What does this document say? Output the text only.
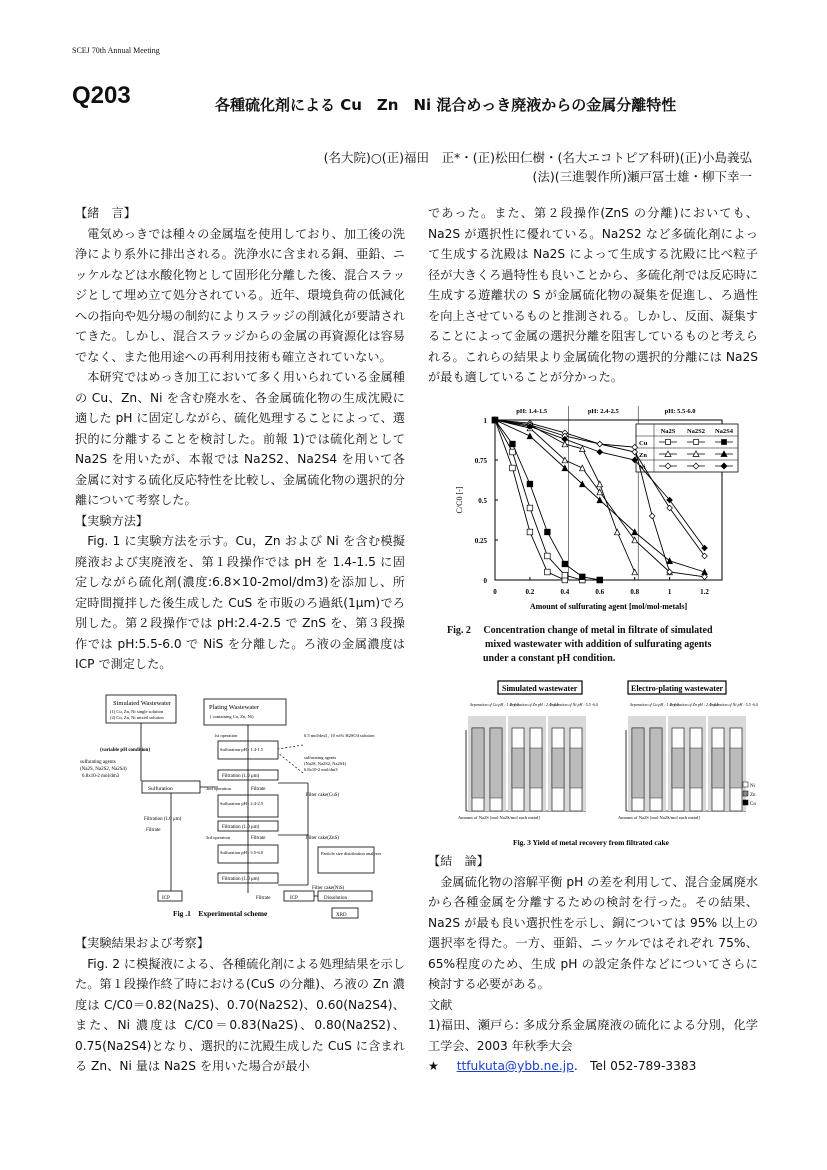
SCEJ 70th Annual Meeting
Q203	各種硫化剤による Cu　Zn　Ni 混合めっき廃液からの金属分離特性
(名大院)○(正)福田　正*・(正)松田仁樹・(名大エコトピア科研)(正)小島義弘
(法)(三進製作所)瀬戸冨士雄・柳下幸一

【緒　言】

電気めっきでは種々の金属塩を使用しており、加工後の洗浄により系外に排出される。洗浄水に含まれる銅、亜鉛、ニッケルなどは水酸化物として固形化分離した後、混合スラッジとして埋め立て処分されている。近年、環境負荷の低減化への指向や処分場の制約によりスラッジの削減化が要請されてきた。しかし、混合スラッジからの金属の再資源化は容易でなく、また他用途への再利用技術も確立されていない。

本研究ではめっき加工において多く用いられている金属種の Cu、Zn、Ni を含む廃水を、各金属硫化物の生成沈殿に適した pH に固定しながら、硫化処理することによって、選択的に分離することを検討した。前報 1)では硫化剤として Na2S を用いたが、本報では Na2S2、Na2S4 を用いて各金属に対する硫化反応特性を比較し、金属硫化物の選択的分離について考察した。

【実験方法】

Fig. 1 に実験方法を示す。Cu，Zn および Ni を含む模擬廃液および実廃液を、第１段操作では pH を 1.4-1.5 に固定しながら硫化剤(濃度:6.8×10-2mol/dm3)を添加し、所定時間撹拌した後生成した CuS を市販のろ過紙(1μm)でろ別した。第２段操作では pH:2.4-2.5 で ZnS を、第３段操作では pH:5.5-6.0 で NiS を分離した。ろ液の金属濃度は ICP で測定した。

Simulated Wastewater
(1) Cu, Zn, Ni single solution
(2) Cu, Zn, Ni mixed solution
Plating Wastewater
( containing Cu, Zn, Ni)
(variable pH condition)
sulfurating agents
(Na2S, Na2S2, Na2S4)
6.8x10-2 mol/dm3
Sulfuration
Filtration (1.0 μm)
Filtrate
ICP
1st operation
Sulfuration pH : 1.4-1.5
Filtration (1.0 μm)
2nd operation	Filtrate
Sulfuration pH : 2.4-2.5
Filtration (1.0 μm)
3rd operation	Filtrate
Sulfuration pH : 5.5-6.0
Filtration (1.0 μm)
0.5 mol/dm3 , 10 wt% H2SO4 solution
sulfurating agents
(Na2S, Na2S2, Na2S4)
6.8x10-2 mol/dm3
Filter cake(CuS)
Filter cake(ZnS)
Particle size distribution analyzer
Filter cake(NiS)
Filtrate	ICP	Dissolution
XRD
Fig .1　Experimental scheme

【実験結果および考察】

Fig. 2 に模擬液による、各種硫化剤による処理結果を示した。第１段操作終了時における(CuS の分離)、ろ液の Zn 濃度は C/C0＝0.82(Na2S)、0.70(Na2S2)、0.60(Na2S4)、また、Ni 濃度は C/C0＝0.83(Na2S)、0.80(Na2S2)、0.75(Na2S4)となり、選択的に沈殿生成した CuS に含まれる Zn、Ni 量は Na2S を用いた場合が最小

であった。また、第２段操作(ZnS の分離)においても、Na2S が選択性に優れている。Na2S2 など多硫化剤によって生成する沈殿は Na2S によって生成する沈殿に比べ粒子径が大きくろ過特性も良いことから、多硫化剤では反応時に生成する遊離状の S が金属硫化物の凝集を促進し、ろ過性を向上させているものと推測される。しかし、反面、凝集することによって金属の選択分離を阻害しているものと考えられる。これらの結果より金属硫化物の選択的分離には Na2S が最も適していることが分かった。

0	0.2	0.4	0.6	0.8	1	1.2
0
0.25
0.5
0.75
1
Amount of sulfurating agent [mol/mol-metals]
C/C0 [-]
pH: 1.4-1.5	pH: 2.4-2.5	pH: 5.5-6.0
Na2S Na2S2 Na2S4
Cu
Zn
Ni
Fig. 2　 Concentration change of metal in filtrate of simulated
mixed wastewater with addition of sulfurating agents
under a constant pH condition.
Simulated wastewater	Electro-plating wastewater
Separation of Cu pH : 1.4 -1.5
Separation of Zn pH : 2.4 -2.5
Separation of Ni pH : 5.5 -6.0	Separation of Cu pH : 1.4 -1.5
Separation of Zn pH : 2.4 -2.5
Separation of Ni pH : 5.5 -6.0
Ni
Zn
Cu
Amount of Na2S [mol Na2S/mol each metal]	Amount of Na2S [mol Na2S/mol each metal]
Fig. 3 Yield of metal recovery from filtrated cake

【結　論】

金属硫化物の溶解平衡 pH の差を利用して、混合金属廃水から各種金属を分離するための検討を行った。その結果、Na2S が最も良い選択性を示し、銅については 95% 以上の選択率を得た。一方、亜鉛、ニッケルではそれぞれ 75%、65%程度のため、生成 pH の設定条件などについてさらに検討する必要がある。

文献

1)福田、瀬戸ら: 多成分系金属廃液の硫化による分別，化学工学会、2003 年秋季大会

★ ttfukuta@ybb.ne.jp.　Tel 052-789-3383
